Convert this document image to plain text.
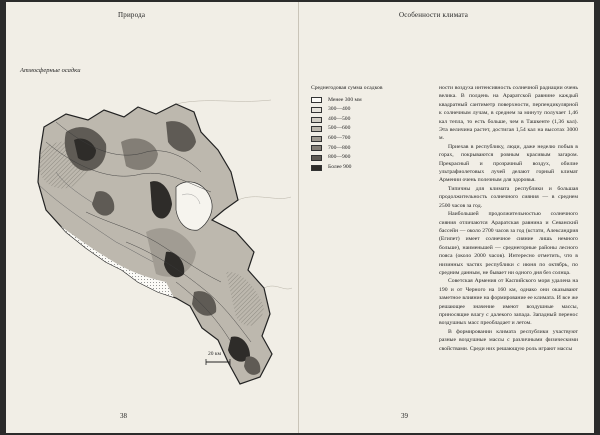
Природа
Атмосферные осадки
20 км
38
Особенности климата
Среднегодовая сумма осадков
Менее 300 мм
300—400
400—500
500—600
600—700
700—800
800—900
Более 900

ности воздуха интенсивность солнечной радиации очень велика. В полдень на Араратской равнине каждый квадратный сантиметр поверхности, перпендикулярной к солнечным лучам, в среднем за минуту получает 1,46 кал тепла, то есть больше, чем в Ташкенте (1,36 кал). Эта величина растет, достигая 1,54 кал на высотах 3000 м.

Приехав в республику, люди, даже неделю побыв в горах, покрываются ровным красивым загаром. Прекрасный и прозрачный воздух, обилие ультрафиолетовых лучей делают горный климат Армении очень полезным для здоровья.

Типичны для климата республики и большая продолжительность солнечного сияния — в среднем 2500 часов за год.

Наибольшей продолжительностью солнечного сияния отличаются Араратская равнина и Севанский бассейн — около 2700 часов за год (кстати, Александрия (Египет) имеет солнечное сияние лишь немного больше), наименьшей — среднегорные районы лесного пояса (около 2000 часов). Интересно отметить, что в низинных частях республики с июня по октябрь, по средним данным, не бывает ни одного дня без солнца.

Советская Армения от Каспийского моря удалена на 190 и от Черного на 160 км, однако они оказывают заметное влияние на формирование ее климата. И все же решающее значение имеют воздушные массы, приносящие влагу с далекого запада. Западный перенос воздушных масс преобладает и летом.

В формировании климата республики участвуют разные воздушные массы с различными физическими свойствами. Среди них решающую роль играют массы

39
